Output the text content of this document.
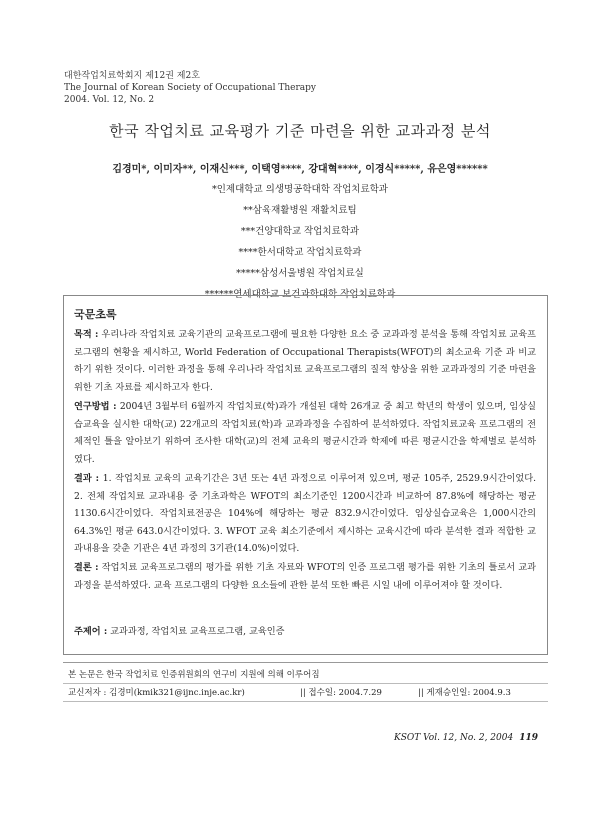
대한작업치료학회지 제12권 제2호
The Journal of Korean Society of Occupational Therapy
2004. Vol. 12, No. 2
한국 작업치료 교육평가 기준 마련을 위한 교과과정 분석
김경미*, 이미자**, 이재신***, 이택영****, 강대혁****, 이경식*****, 유은영******
*인제대학교 의생명공학대학 작업치료학과
**삼육재활병원 재활치료팀
***건양대학교 작업치료학과
****한서대학교 작업치료학과
*****삼성서울병원 작업치료실
******연세대학교 보건과학대학 작업치료학과
국문초록
목적 : 우리나라 작업치료 교육기관의 교육프로그램에 필요한 다양한 요소 중 교과과정 분석을 통해 작업치료 교육프로그램의 현황을 제시하고, World Federation of Occupational Therapists(WFOT)의 최소교육 기준 과 비교하기 위한 것이다. 이러한 과정을 통해 우리나라 작업치료 교육프로그램의 질적 향상을 위한 교과과정의 기준 마련을 위한 기초 자료를 제시하고자 한다.
연구방법 : 2004년 3월부터 6월까지 작업치료(학)과가 개설된 대학 26개교 중 최고 학년의 학생이 있으며, 임상실습교육을 실시한 대학(교) 22개교의 작업치료(학)과 교과과정을 수집하여 분석하였다. 작업치료교육 프로그램의 전체적인 틀을 알아보기 위하여 조사한 대학(교)의 전체 교육의 평균시간과 학제에 따른 평균시간을 학제별로 분석하였다.
결과 : 1. 작업치료 교육의 교육기간은 3년 또는 4년 과정으로 이루어져 있으며, 평균 105주, 2529.9시간이었다. 2. 전체 작업치료 교과내용 중 기초과학은 WFOT의 최소기준인 1200시간과 비교하여 87.8%에 해당하는 평균 1130.6시간이었다. 작업치료전공은 104%에 해당하는 평균 832.9시간이었다. 임상실습교육은 1,000시간의 64.3%인 평균 643.0시간이었다. 3. WFOT 교육 최소기준에서 제시하는 교육시간에 따라 분석한 결과 적합한 교과내용을 갖춘 기관은 4년 과정의 3기관(14.0%)이었다.
결론 : 작업치료 교육프로그램의 평가를 위한 기초 자료와 WFOT의 인증 프로그램 평가를 위한 기초의 틀로서 교과과정을 분석하였다. 교육 프로그램의 다양한 요소들에 관한 분석 또한 빠른 시일 내에 이루어져야 할 것이다.
주제어 : 교과과정, 작업치료 교육프로그램, 교육인증
본 논문은 한국 작업치료 인증위원회의 연구비 지원에 의해 이루어짐
교신저자 : 김경미(kmik321@ijnc.inje.ac.kr)	|| 접수일: 2004.7.29	|| 게재승인일: 2004.9.3
KSOT Vol. 12, No. 2, 2004 119
